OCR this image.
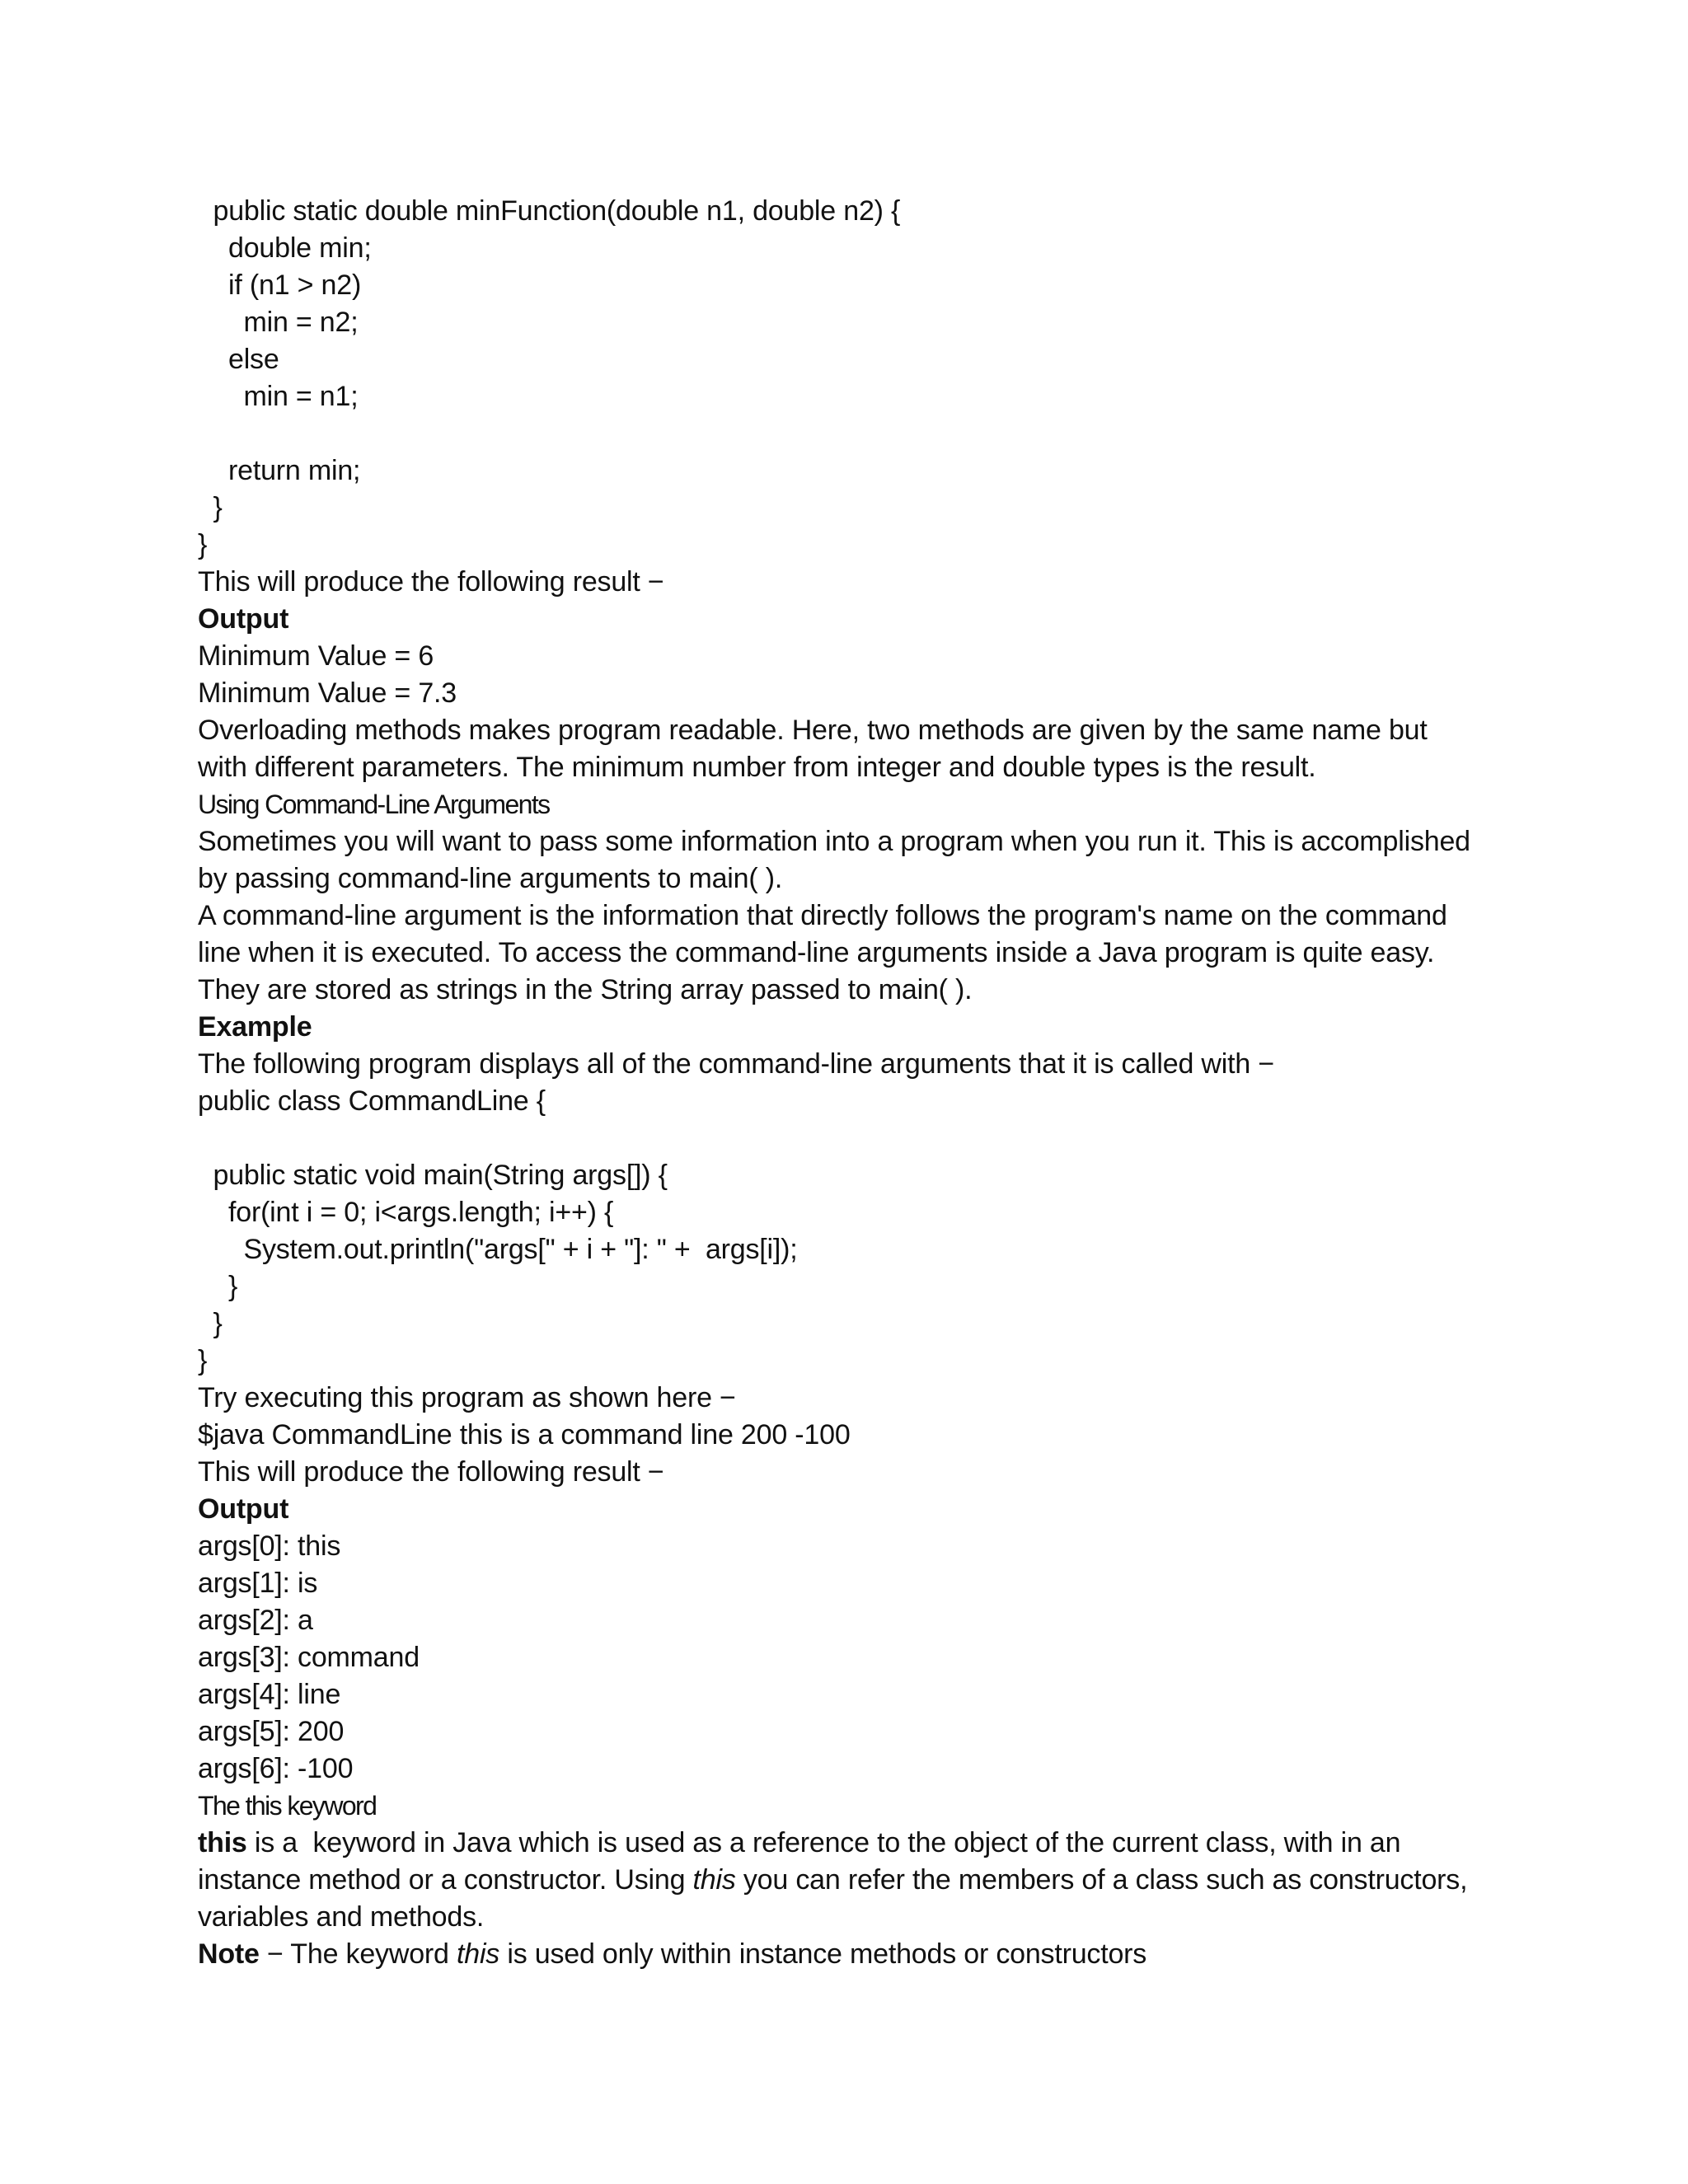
public static double minFunction(double n1, double n2) {
double min;
if (n1 > n2)
min = n2;
else
min = n1;
return min;
}
}
This will produce the following result −
Output
Minimum Value = 6
Minimum Value = 7.3
Overloading methods makes program readable. Here, two methods are given by the same name but
with different parameters. The minimum number from integer and double types is the result.
Using Command-Line Arguments
Sometimes you will want to pass some information into a program when you run it. This is accomplished
by passing command-line arguments to main( ).
A command-line argument is the information that directly follows the program's name on the command
line when it is executed. To access the command-line arguments inside a Java program is quite easy.
They are stored as strings in the String array passed to main( ).
Example
The following program displays all of the command-line arguments that it is called with −
public class CommandLine {
public static void main(String args[]) {
for(int i = 0; i<args.length; i++) {
System.out.println("args[" + i + "]: " +  args[i]);
}
}
}
Try executing this program as shown here −
$java CommandLine this is a command line 200 -100
This will produce the following result −
Output
args[0]: this
args[1]: is
args[2]: a
args[3]: command
args[4]: line
args[5]: 200
args[6]: -100
The this keyword
this is a  keyword in Java which is used as a reference to the object of the current class, with in an
instance method or a constructor. Using this you can refer the members of a class such as constructors,
variables and methods.
Note − The keyword this is used only within instance methods or constructors
